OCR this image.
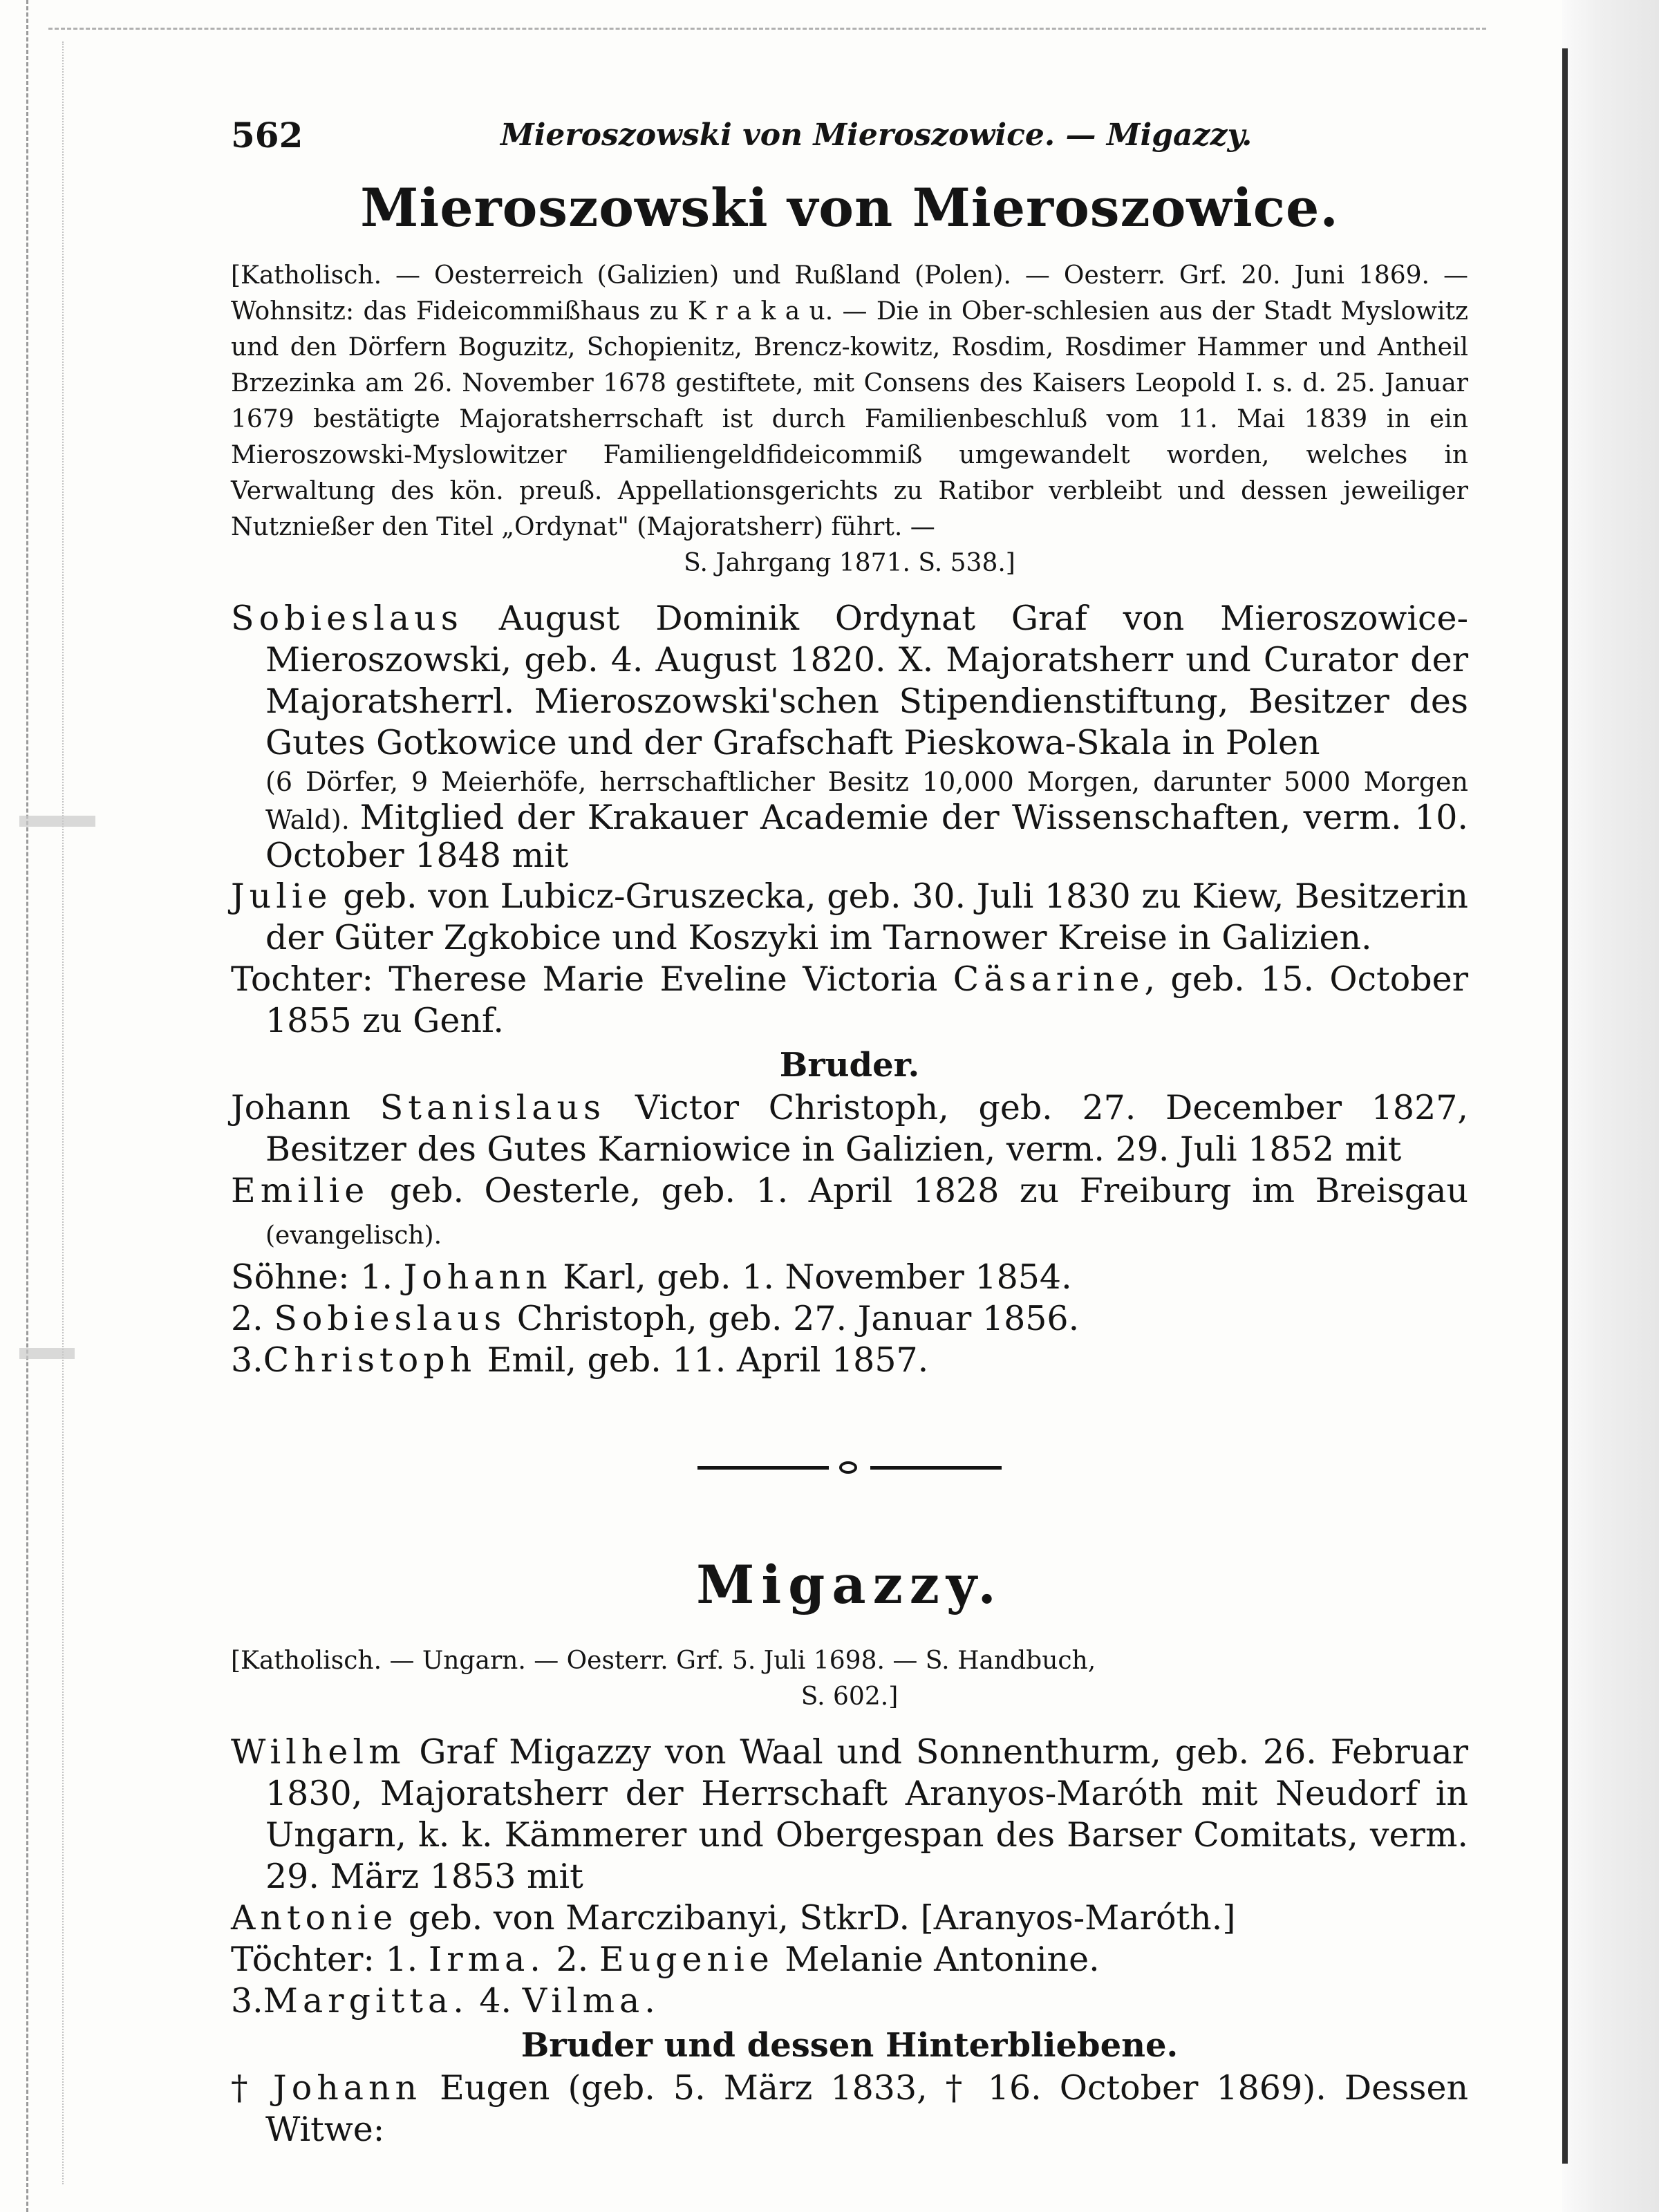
562	Mieroszowski von Mieroszowice. — Migazzy.
Mieroszowski von Mieroszowice.

[Katholisch. — Oesterreich (Galizien) und Rußland (Polen). — Oesterr. Grf. 20. Juni 1869. — Wohnsitz: das Fideicommißhaus zu K r a k a u. — Die in Ober-schlesien aus der Stadt Myslowitz und den Dörfern Boguzitz, Schopienitz, Brencz-kowitz, Rosdim, Rosdimer Hammer und Antheil Brzezinka am 26. November 1678 gestiftete, mit Consens des Kaisers Leopold I. s. d. 25. Januar 1679 bestätigte Majoratsherrschaft ist durch Familienbeschluß vom 11. Mai 1839 in ein Mieroszowski-Myslowitzer Familiengeldfideicommiß umgewandelt worden, welches in Verwaltung des kön. preuß. Appellationsgerichts zu Ratibor verbleibt und dessen jeweiliger Nutznießer den Titel „Ordynat" (Majoratsherr) führt. —
S. Jahrgang 1871. S. 538.]

Sobieslaus August Dominik Ordynat Graf von Mieroszowice-Mieroszowski, geb. 4. August 1820. X. Majoratsherr und Curator der Majoratsherrl. Mieroszowski'schen Stipendienstiftung, Besitzer des Gutes Gotkowice und der Grafschaft Pieskowa-Skala in Polen

(6 Dörfer, 9 Meierhöfe, herrschaftlicher Besitz 10,000 Morgen, darunter 5000 Morgen Wald). Mitglied der Krakauer Academie der Wissenschaften, verm. 10. October 1848 mit

Julie geb. von Lubicz-Gruszecka, geb. 30. Juli 1830 zu Kiew, Besitzerin der Güter Zgkobice und Koszyki im Tarnower Kreise in Galizien.

Tochter: Therese Marie Eveline Victoria Cäsarine, geb. 15. October 1855 zu Genf.

Bruder.

Johann Stanislaus Victor Christoph, geb. 27. December 1827, Besitzer des Gutes Karniowice in Galizien, verm. 29. Juli 1852 mit

Emilie geb. Oesterle, geb. 1. April 1828 zu Freiburg im Breisgau (evangelisch).

Söhne: 1. Johann Karl, geb. 1. November 1854.

2. Sobieslaus Christoph, geb. 27. Januar 1856.

3.Christoph Emil, geb. 11. April 1857.

Migazzy.

[Katholisch. — Ungarn. — Oesterr. Grf. 5. Juli 1698. — S. Handbuch,
S. 602.]

Wilhelm Graf Migazzy von Waal und Sonnenthurm, geb. 26. Februar 1830, Majoratsherr der Herrschaft Aranyos-Maróth mit Neudorf in Ungarn, k. k. Kämmerer und Obergespan des Barser Comitats, verm. 29. März 1853 mit

Antonie geb. von Marczibanyi, StkrD. [Aranyos-Maróth.]

Töchter: 1. Irma. 2. Eugenie Melanie Antonine.

3.Margitta. 4. Vilma.

Bruder und dessen Hinterbliebene.

† Johann Eugen (geb. 5. März 1833, † 16. October 1869). Dessen Witwe:
